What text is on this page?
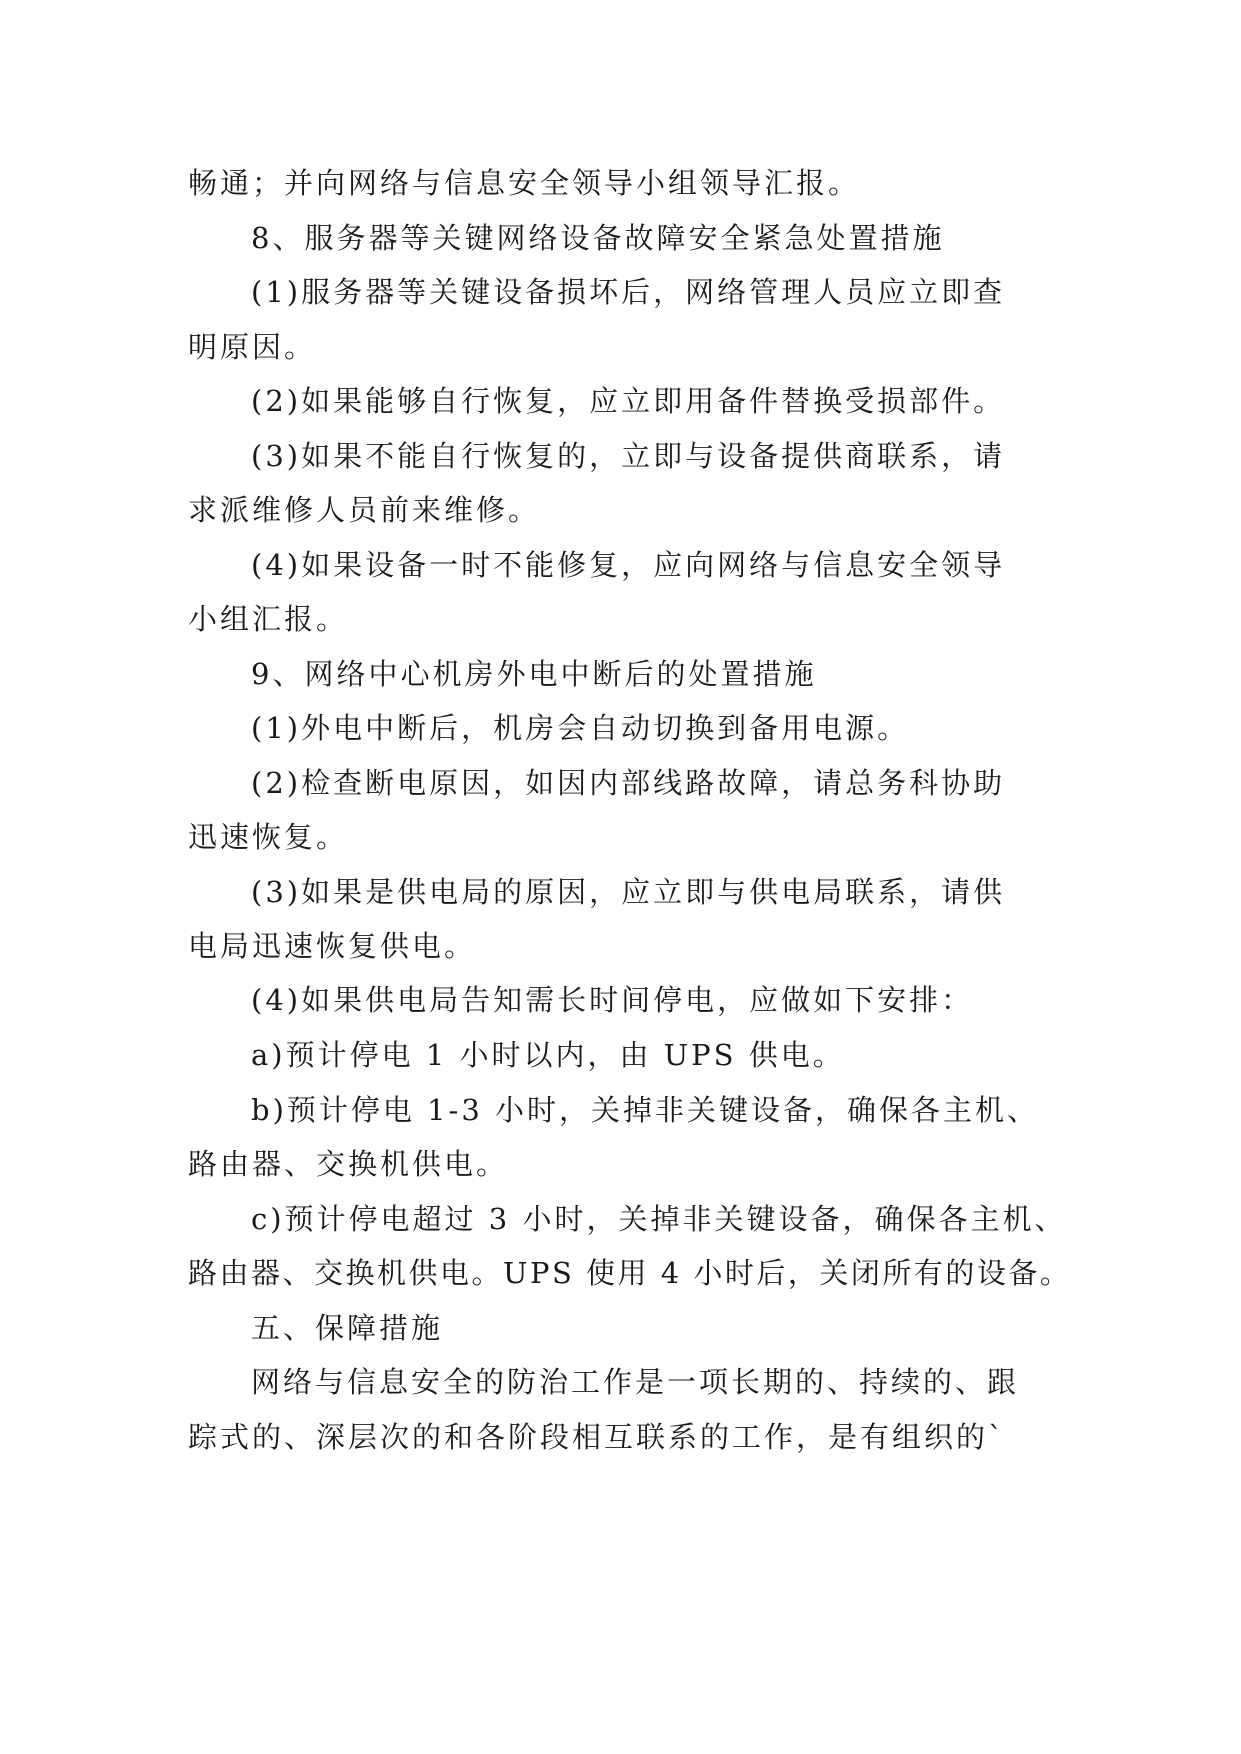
畅通；并向网络与信息安全领导小组领导汇报。
8、服务器等关键网络设备故障安全紧急处置措施
(1)服务器等关键设备损坏后，网络管理人员应立即查
明原因。
(2)如果能够自行恢复，应立即用备件替换受损部件。
(3)如果不能自行恢复的，立即与设备提供商联系，请
求派维修人员前来维修。
(4)如果设备一时不能修复，应向网络与信息安全领导
小组汇报。
9、网络中心机房外电中断后的处置措施
(1)外电中断后，机房会自动切换到备用电源。
(2)检查断电原因，如因内部线路故障，请总务科协助
迅速恢复。
(3)如果是供电局的原因，应立即与供电局联系，请供
电局迅速恢复供电。
(4)如果供电局告知需长时间停电，应做如下安排：
a)预计停电 1 小时以内，由 UPS 供电。
b)预计停电 1-3 小时，关掉非关键设备，确保各主机、
路由器、交换机供电。
c)预计停电超过 3 小时，关掉非关键设备，确保各主机、
路由器、交换机供电。UPS 使用 4 小时后，关闭所有的设备。
五、保障措施
网络与信息安全的防治工作是一项长期的、持续的、跟
踪式的、深层次的和各阶段相互联系的工作，是有组织的`
